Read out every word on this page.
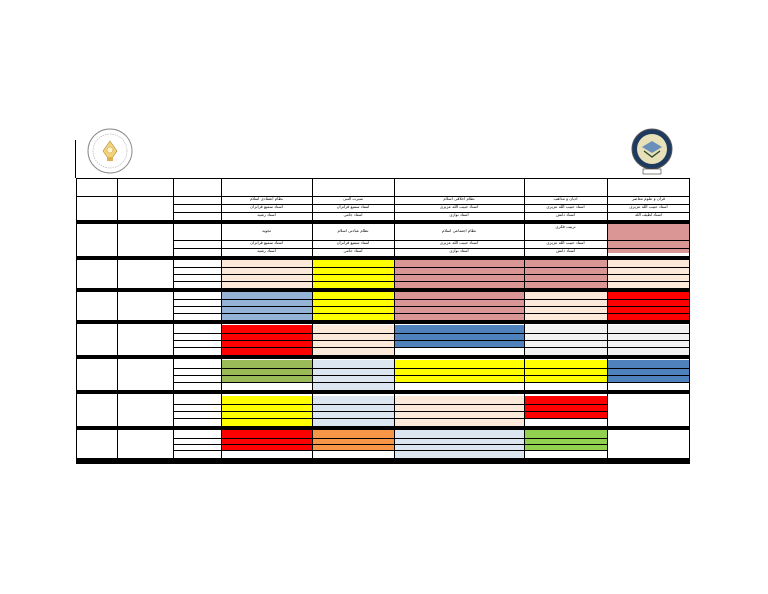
نظام اعتقادی اسلام
استاد سمیع قرآنزان
استاد رشید
سیرت النبی
استاد سمیع قرآنزان
استاد جامی
نظام اخلاقی اسلام
استاد حبیب الله عزیزی
استاد نوازی
ادیان و مذاهب
استاد حبیب الله عزیزی
استاد دانش
قرآن و علوم معاصر
استاد حبیب الله عزیزی
استاد لطیف الله
تجوید
استاد سمیع قرآنزان
استاد رشید
نظام عبادتی اسلام
استاد سمیع قرآنزان
استاد جامی
نظام اجتماعی اسلام
استاد حبیب الله عزیزی
استاد نوازی
تربیت فکری
استاد حبیب الله عزیزی
استاد دانش
